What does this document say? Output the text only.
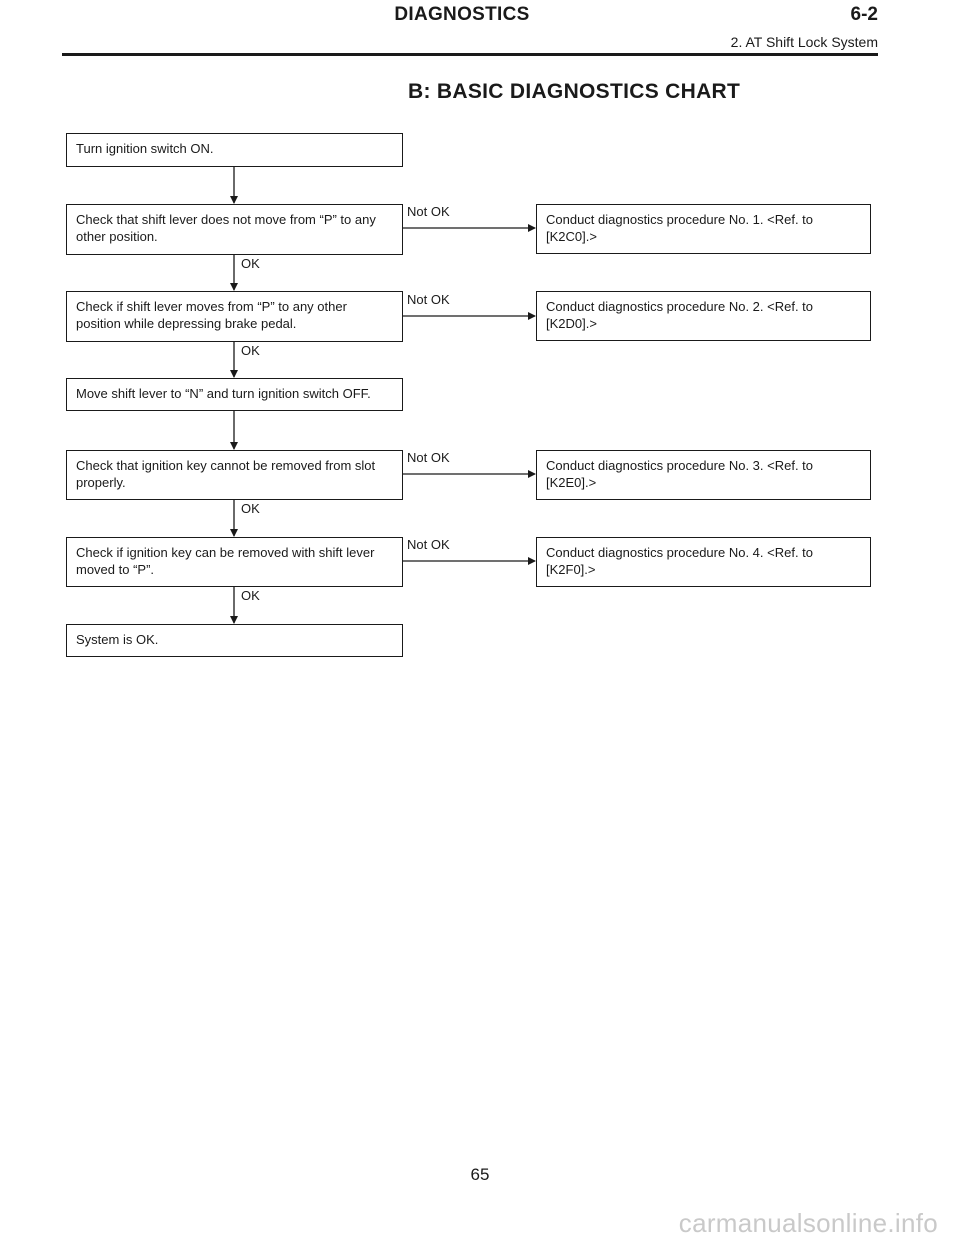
DIAGNOSTICS	6-2
2. AT Shift Lock System
B: BASIC DIAGNOSTICS CHART
Turn ignition switch ON.
Check that shift lever does not move from “P” to any other position.
Check if shift lever moves from “P” to any other position while depressing brake pedal.
Move shift lever to “N” and turn ignition switch OFF.
Check that ignition key cannot be removed from slot properly.
Check if ignition key can be removed with shift lever moved to “P”.
System is OK.
Conduct diagnostics procedure No. 1. <Ref. to [K2C0].>
Conduct diagnostics procedure No. 2. <Ref. to [K2D0].>
Conduct diagnostics procedure No. 3. <Ref. to [K2E0].>
Conduct diagnostics procedure No. 4. <Ref. to [K2F0].>
Not OK
Not OK
Not OK
Not OK
OK
OK
OK
OK
65
carmanualsonline.info
